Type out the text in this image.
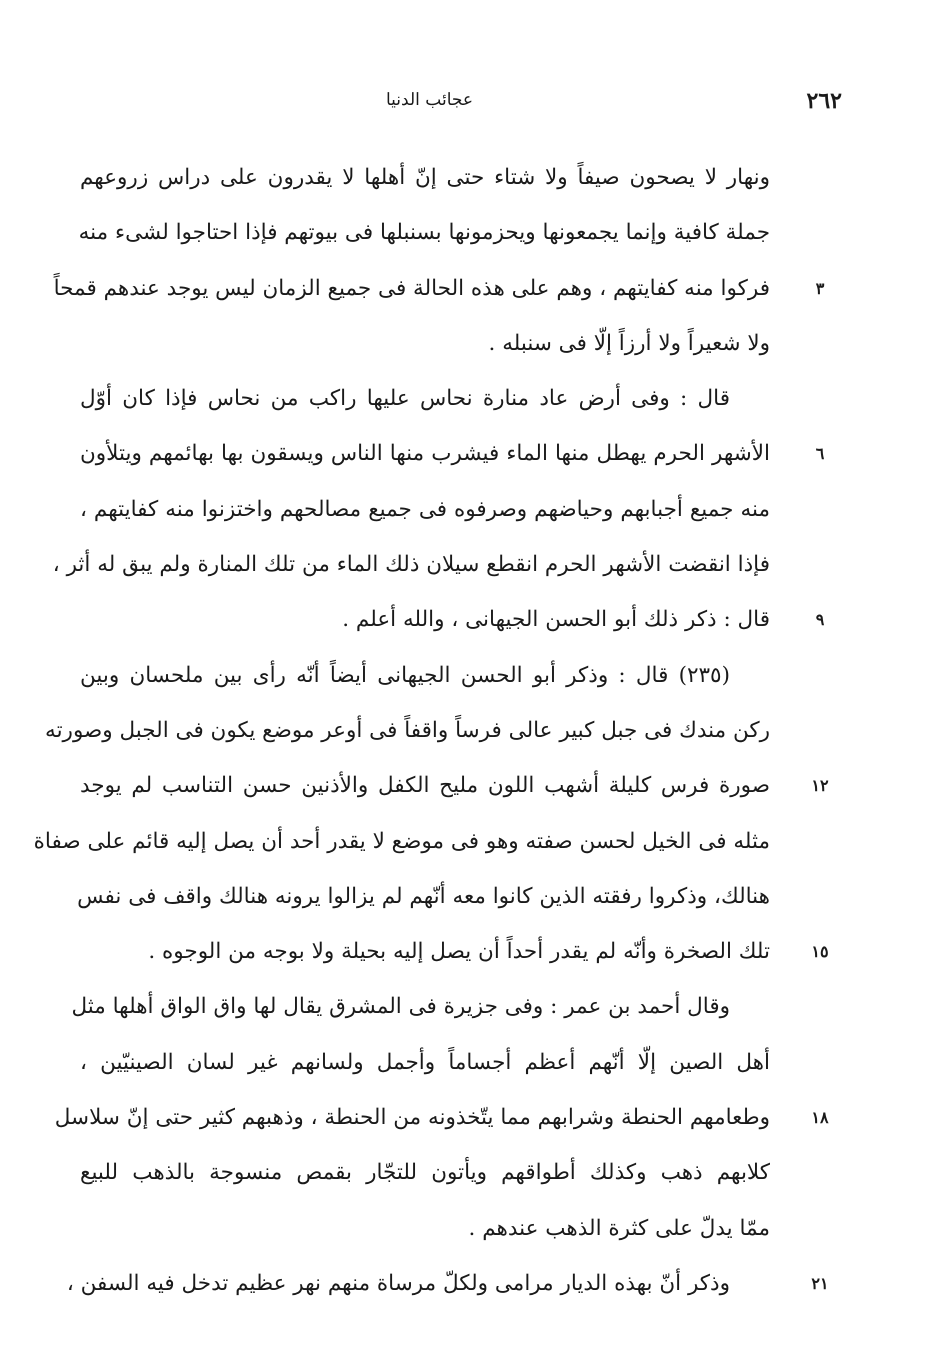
عجائب الدنيا	٢٦٢
ونهار لا يصحون صيفاً ولا شتاء حتى إنّ أهلها لا يقدرون على دراس زروعهم
جملة كافية وإنما يجمعونها ويحزمونها بسنبلها فى بيوتهم فإذا احتاجوا لشىء منه
فركوا منه كفايتهم ، وهم على هذه الحالة فى جميع الزمان ليس يوجد عندهم قمحاً	٣
ولا شعيراً ولا أرزاً إلّا فى سنبله .
قال : وفى أرض عاد منارة نحاس عليها راكب من نحاس فإذا كان أوّل
الأشهر الحرم يهطل منها الماء فيشرب منها الناس ويسقون بها بهائمهم ويتلأون	٦
منه جميع أجبابهم وحياضهم وصرفوه فى جميع مصالحهم واختزنوا منه كفايتهم ،
فإذا انقضت الأشهر الحرم انقطع سيلان ذلك الماء من تلك المنارة ولم يبق له أثر ،
قال : ذكر ذلك أبو الحسن الجيهانى ، والله أعلم .	٩
(٢٣٥) قال : وذكر أبو الحسن الجيهانى أيضاً أنّه رأى بين ملحسان وبين
ركن مندك فى جبل كبير عالى فرساً واقفاً فى أوعر موضع يكون فى الجبل وصورته
صورة فرس كليلة أشهب اللون مليح الكفل والأذنين حسن التناسب لم يوجد	١٢
مثله فى الخيل لحسن صفته وهو فى موضع لا يقدر أحد أن يصل إليه قائم على صفاة
هنالك، وذكروا رفقته الذين كانوا معه أنّهم لم يزالوا يرونه هنالك واقف فى نفس
تلك الصخرة وأنّه لم يقدر أحداً أن يصل إليه بحيلة ولا بوجه من الوجوه .	١٥
وقال أحمد بن عمر : وفى جزيرة فى المشرق يقال لها واق الواق أهلها مثل
أهل الصين إلّا أنّهم أعظم أجساماً وأجمل ولسانهم غير لسان الصينيّين ،
وطعامهم الحنطة وشرابهم مما يتّخذونه من الحنطة ، وذهبهم كثير حتى إنّ سلاسل	١٨
كلابهم ذهب وكذلك أطواقهم ويأتون للتجّار بقمص منسوجة بالذهب للبيع
ممّا يدلّ على كثرة الذهب عندهم .
وذكر أنّ بهذه الديار مرامى ولكلّ مرساة منهم نهر عظيم تدخل فيه السفن ،	٢١
